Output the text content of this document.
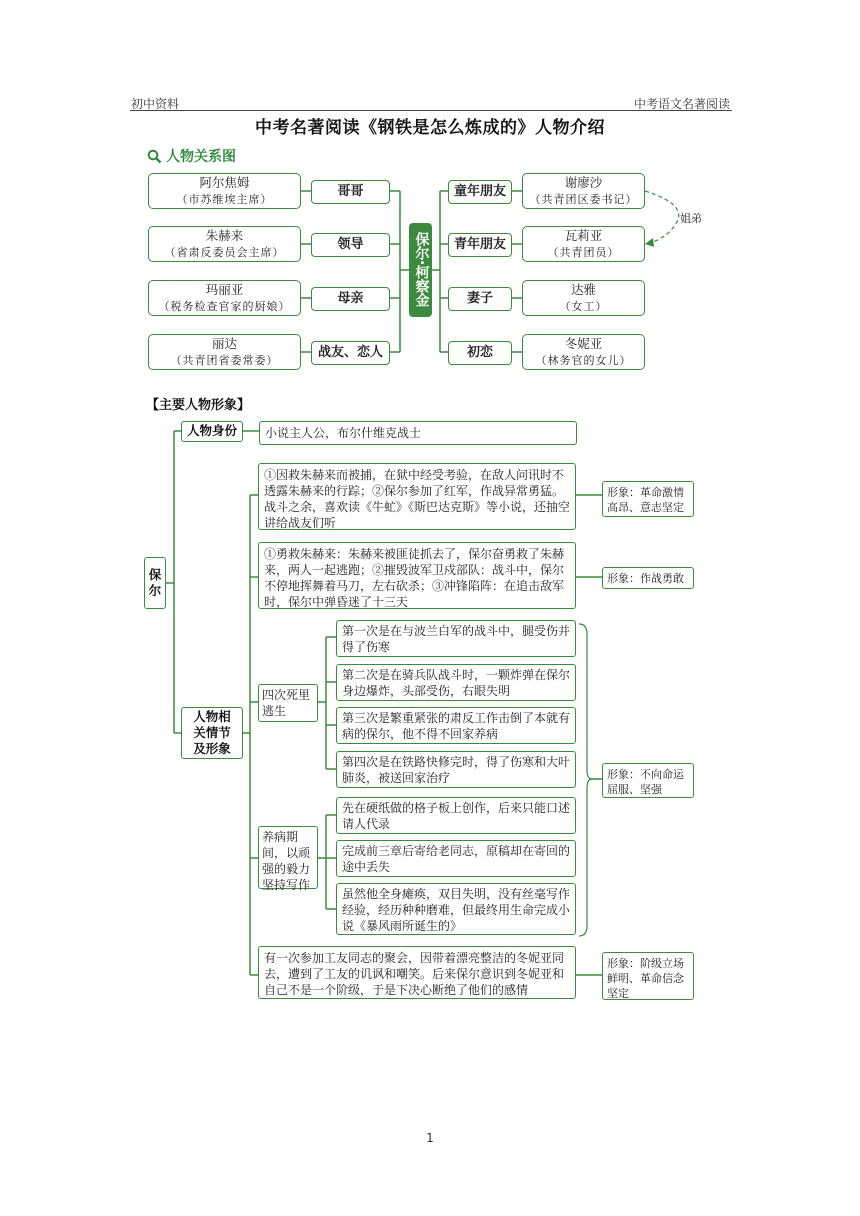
初中资料	中考语文名著阅读
中考名著阅读《钢铁是怎么炼成的》人物介绍
人物关系图
阿尔焦姆
（市苏维埃主席）
哥哥
朱赫来
（省肃反委员会主席）
领导
玛丽亚
（税务检查官家的厨娘）
母亲
丽达
（共青团省委常委）
战友、恋人
保尔·柯察金
童年朋友
谢廖沙
（共青团区委书记）
青年朋友
瓦莉亚
（共青团员）
妻子
达雅
（女工）
初恋
冬妮亚
（林务官的女儿）
姐弟
【主要人物形象】
保尔
人物身份	小说主人公，布尔什维克战士
人物相关情节及形象
①因救朱赫来而被捕，在狱中经受考验，在敌人问讯时不透露朱赫来的行踪；②保尔参加了红军，作战异常勇猛。战斗之余，喜欢读《牛虻》《斯巴达克斯》等小说，还抽空讲给战友们听
形象：革命激情高昂、意志坚定
①勇救朱赫来：朱赫来被匪徒抓去了，保尔奋勇救了朱赫来，两人一起逃跑；②摧毁波军卫戍部队：战斗中，保尔不停地挥舞着马刀，左右砍杀；③冲锋陷阵：在追击敌军时，保尔中弹昏迷了十三天
形象：作战勇敢
四次死里逃生
第一次是在与波兰白军的战斗中，腿受伤并得了伤寒
第二次是在骑兵队战斗时，一颗炸弹在保尔身边爆炸，头部受伤，右眼失明
第三次是繁重紧张的肃反工作击倒了本就有病的保尔，他不得不回家养病
第四次是在铁路快修完时，得了伤寒和大叶肺炎，被送回家治疗
养病期间，以顽强的毅力坚持写作
先在硬纸做的格子板上创作，后来只能口述请人代录
完成前三章后寄给老同志，原稿却在寄回的途中丢失
虽然他全身瘫痪，双目失明，没有丝毫写作经验，经历种种磨难，但最终用生命完成小说《暴风雨所诞生的》
形象：不向命运屈服、坚强
有一次参加工友同志的聚会，因带着漂亮整洁的冬妮亚同去，遭到了工友的讥讽和嘲笑。后来保尔意识到冬妮亚和自己不是一个阶级，于是下决心断绝了他们的感情
形象：阶级立场鲜明、革命信念坚定
1
